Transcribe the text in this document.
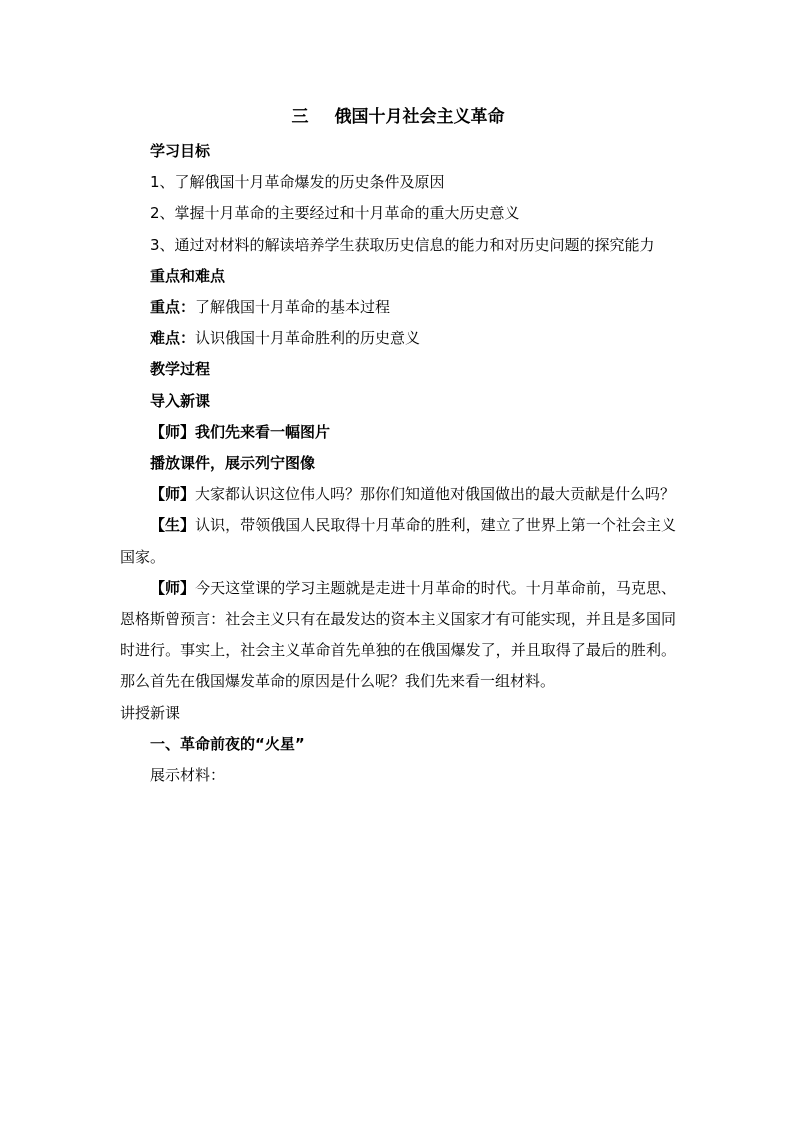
三 俄国十月社会主义革命

学习目标

1、了解俄国十月革命爆发的历史条件及原因

2、掌握十月革命的主要经过和十月革命的重大历史意义

3、通过对材料的解读培养学生获取历史信息的能力和对历史问题的探究能力

重点和难点

重点：了解俄国十月革命的基本过程

难点：认识俄国十月革命胜利的历史意义

教学过程

导入新课

【师】我们先来看一幅图片

播放课件，展示列宁图像

【师】大家都认识这位伟人吗？那你们知道他对俄国做出的最大贡献是什么吗？

【生】认识，带领俄国人民取得十月革命的胜利，建立了世界上第一个社会主义国家。

【师】今天这堂课的学习主题就是走进十月革命的时代。十月革命前，马克思、恩格斯曾预言：社会主义只有在最发达的资本主义国家才有可能实现，并且是多国同时进行。事实上，社会主义革命首先单独的在俄国爆发了，并且取得了最后的胜利。那么首先在俄国爆发革命的原因是什么呢？我们先来看一组材料。

讲授新课

一、革命前夜的“火星”

展示材料：
